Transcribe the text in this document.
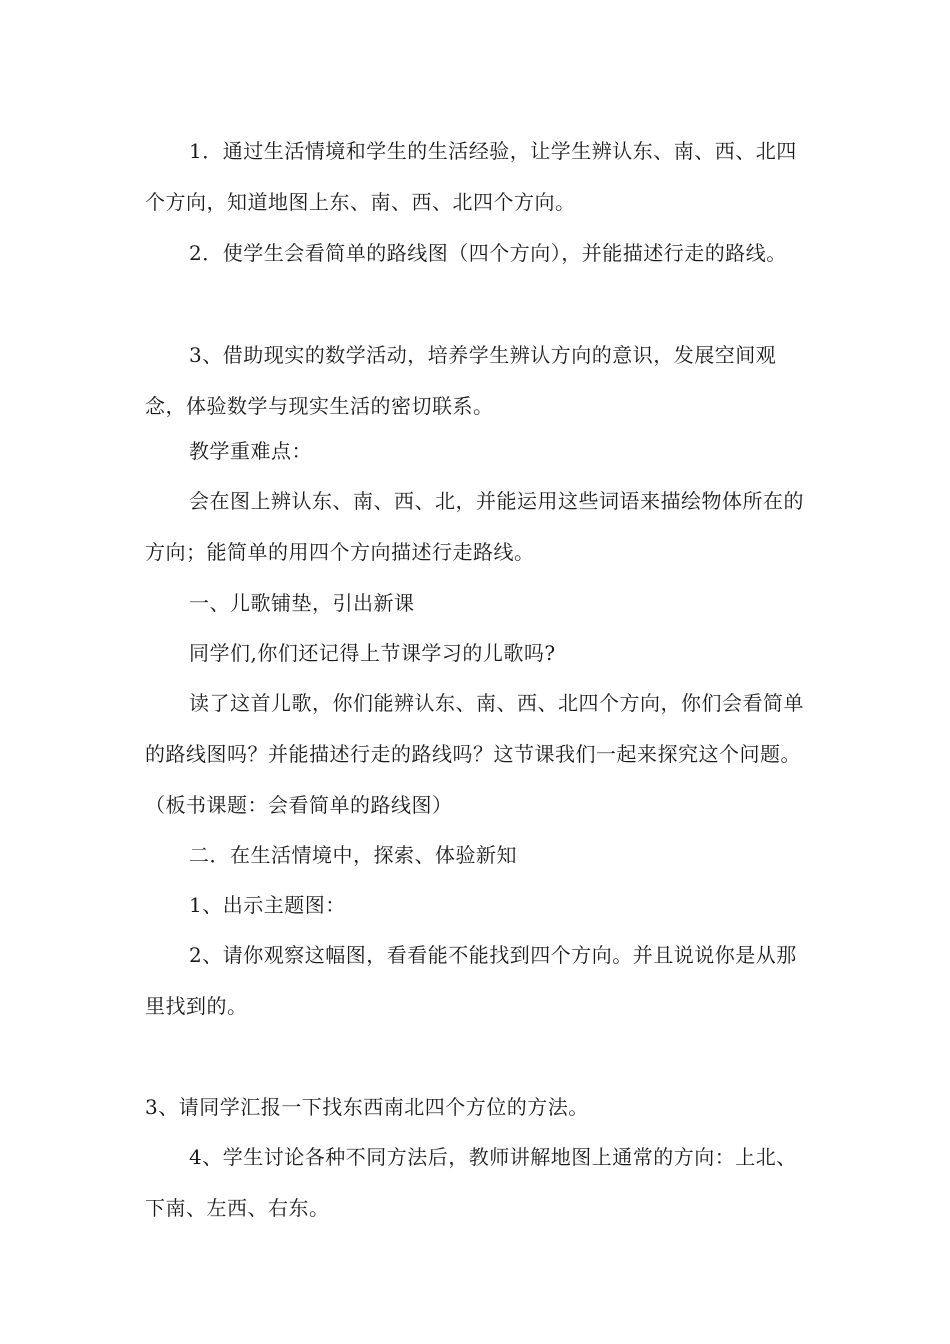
1．通过生活情境和学生的生活经验，让学生辨认东、南、西、北四个方向，知道地图上东、南、西、北四个方向。

2．使学生会看简单的路线图（四个方向），并能描述行走的路线。

3、借助现实的数学活动，培养学生辨认方向的意识，发展空间观念，体验数学与现实生活的密切联系。

教学重难点：

会在图上辨认东、南、西、北，并能运用这些词语来描绘物体所在的方向；能简单的用四个方向描述行走路线。

一、儿歌铺垫，引出新课

同学们,你们还记得上节课学习的儿歌吗?

读了这首儿歌，你们能辨认东、南、西、北四个方向，你们会看简单的路线图吗？并能描述行走的路线吗？这节课我们一起来探究这个问题。（板书课题：会看简单的路线图）

二．在生活情境中，探索、体验新知

1、出示主题图：

2、请你观察这幅图，看看能不能找到四个方向。并且说说你是从那里找到的。

3、请同学汇报一下找东西南北四个方位的方法。

4、学生讨论各种不同方法后，教师讲解地图上通常的方向：上北、下南、左西、右东。
